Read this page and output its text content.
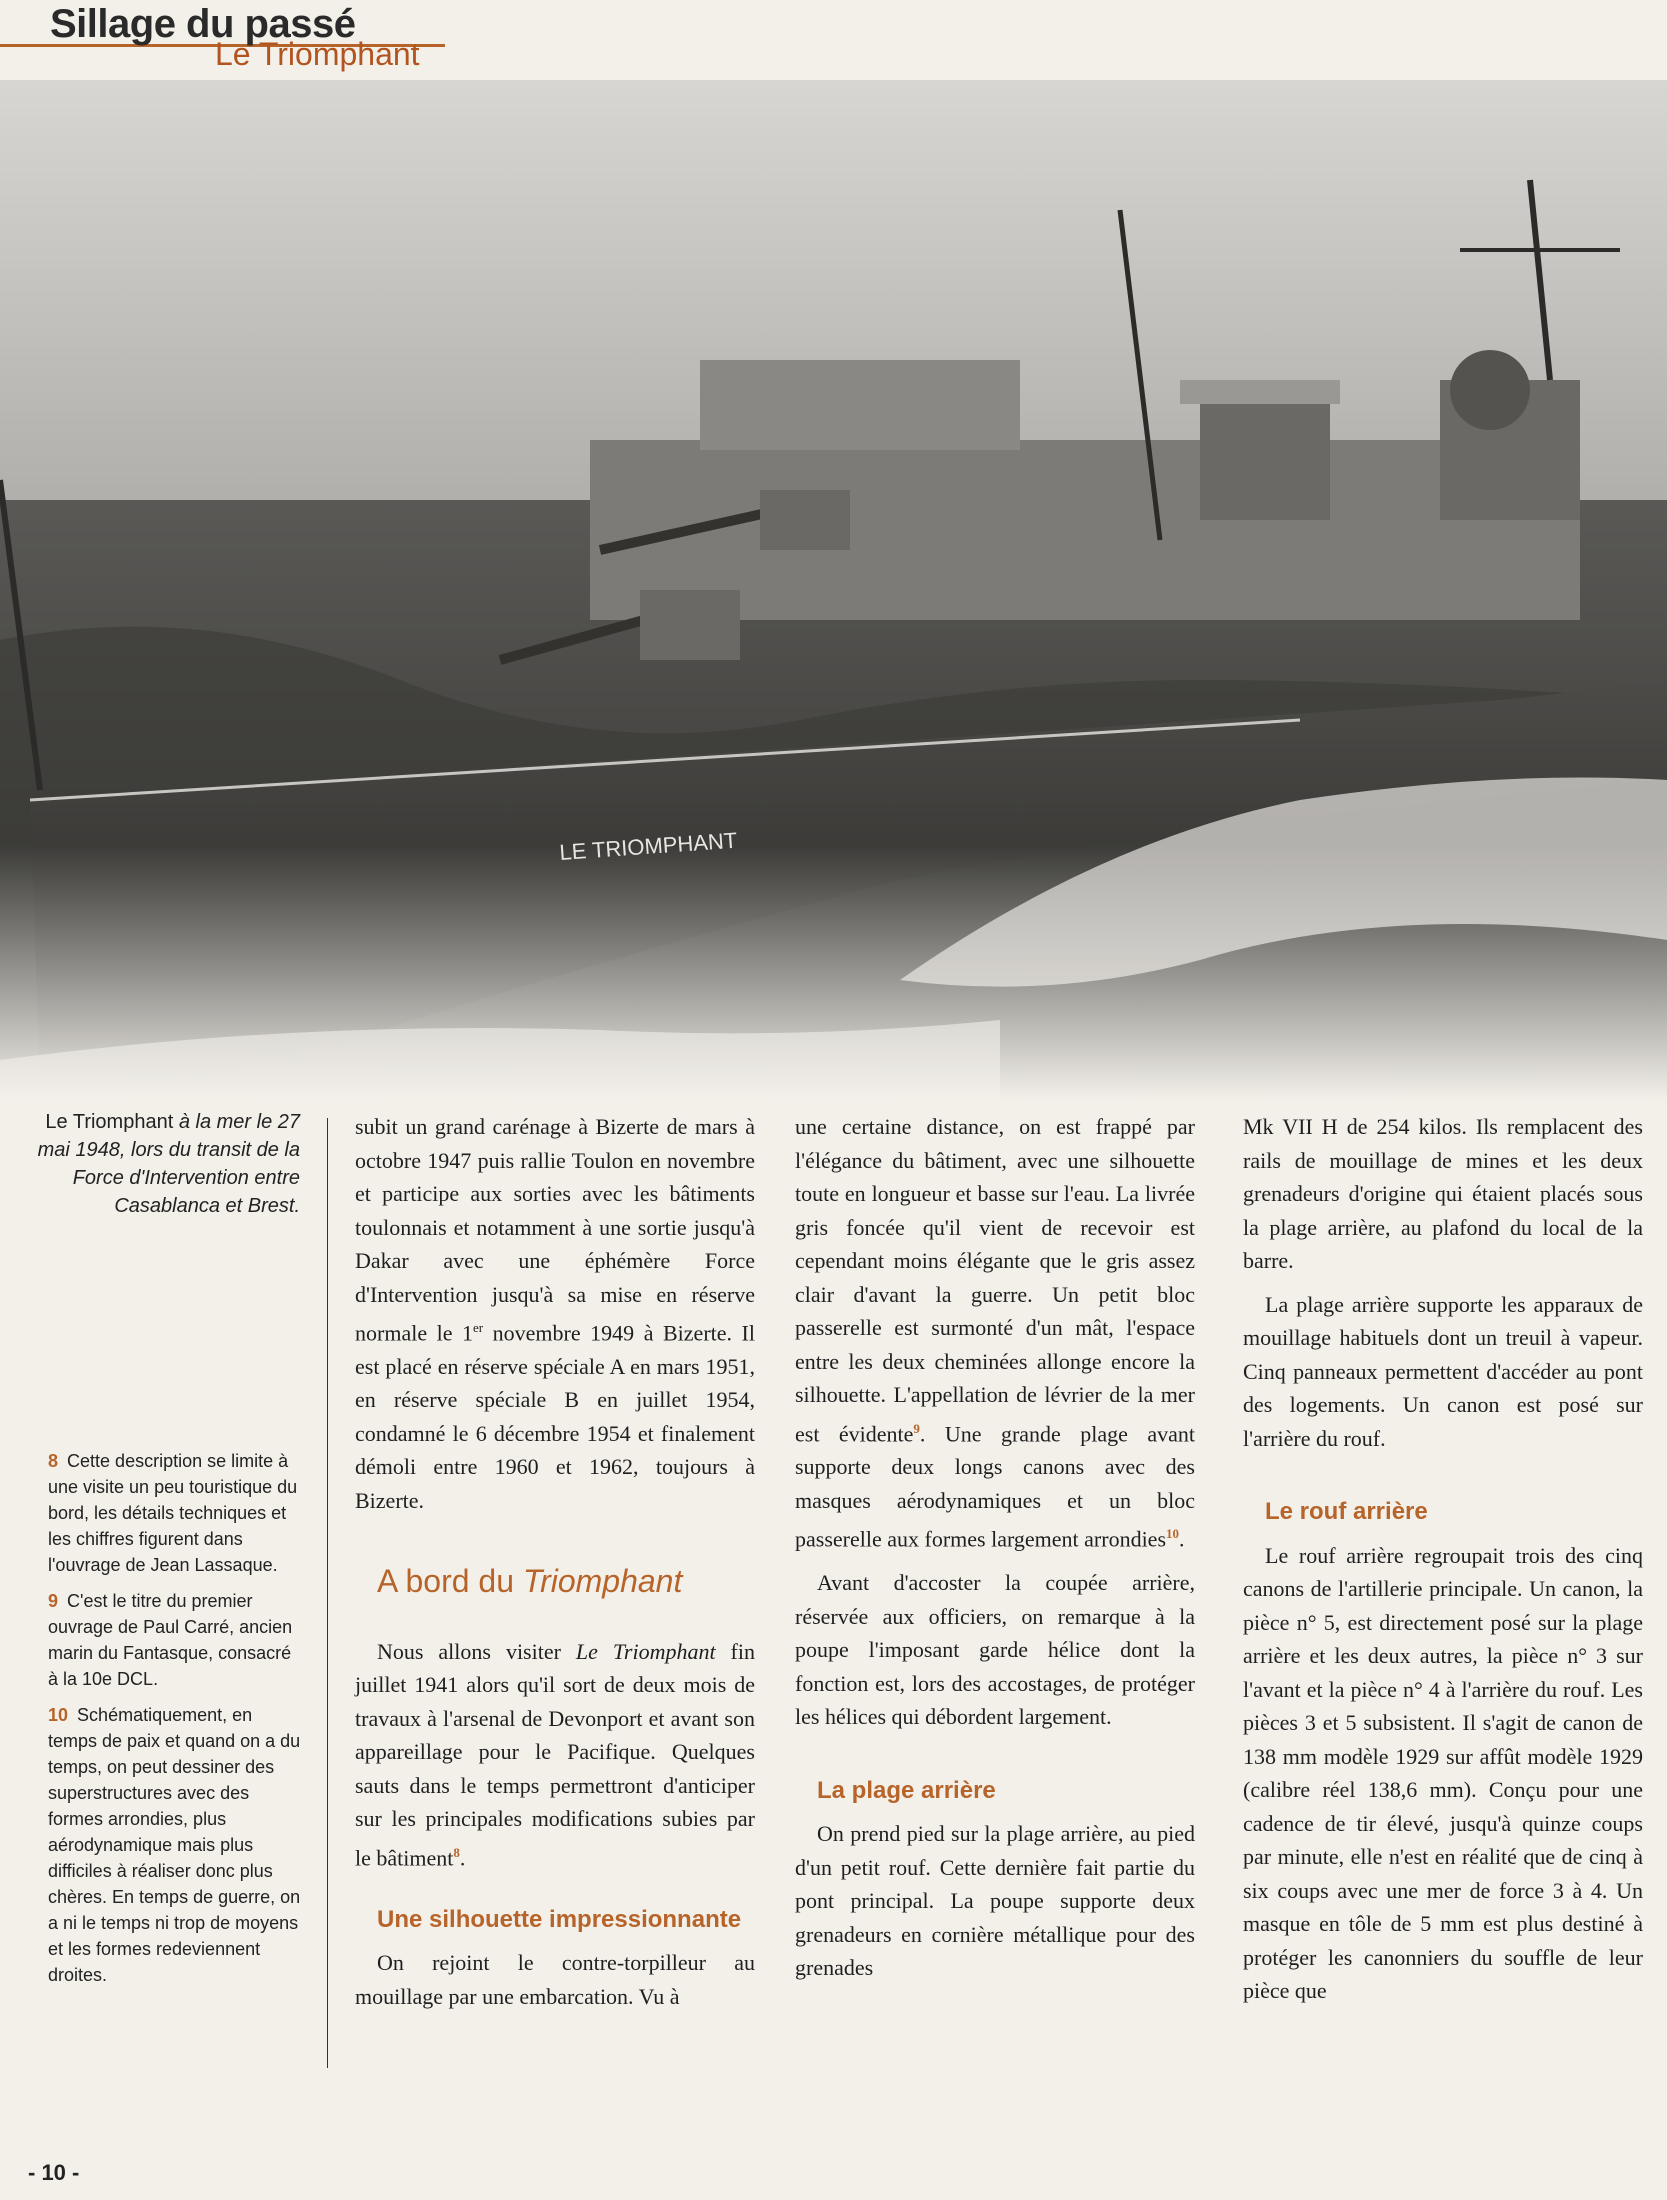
Sillage du passé
Le Triomphant
Le Triomphant à la mer le 27 mai 1948, lors du transit de la Force d'Intervention entre Casablanca et Brest.
8 Cette description se limite à une visite un peu touristique du bord, les détails techniques et les chiffres figurent dans l'ouvrage de Jean Lassaque.
9 C'est le titre du premier ouvrage de Paul Carré, ancien marin du Fantasque, consacré à la 10e DCL.
10 Schématiquement, en temps de paix et quand on a du temps, on peut dessiner des superstructures avec des formes arrondies, plus aérodynamique mais plus difficiles à réaliser donc plus chères. En temps de guerre, on a ni le temps ni trop de moyens et les formes redeviennent droites.

subit un grand carénage à Bizerte de mars à octobre 1947 puis rallie Toulon en novembre et participe aux sorties avec les bâtiments toulonnais et notamment à une sortie jusqu'à Dakar avec une éphémère Force d'Intervention jusqu'à sa mise en réserve normale le 1er novembre 1949 à Bizerte. Il est placé en réserve spéciale A en mars 1951, en réserve spéciale B en juillet 1954, condamné le 6 décembre 1954 et finalement démoli entre 1960 et 1962, toujours à Bizerte.

A bord du Triomphant

Nous allons visiter Le Triomphant fin juillet 1941 alors qu'il sort de deux mois de travaux à l'arsenal de Devonport et avant son appareillage pour le Pacifique. Quelques sauts dans le temps permettront d'anticiper sur les principales modifications subies par le bâtiment$^8$.

Une silhouette impressionnante

On rejoint le contre-torpilleur au mouillage par une embarcation. Vu à

une certaine distance, on est frappé par l'élégance du bâtiment, avec une silhouette toute en longueur et basse sur l'eau. La livrée gris foncée qu'il vient de recevoir est cependant moins élégante que le gris assez clair d'avant la guerre. Un petit bloc passerelle est surmonté d'un mât, l'espace entre les deux cheminées allonge encore la silhouette. L'appellation de lévrier de la mer est évidente$^9$. Une grande plage avant supporte deux longs canons avec des masques aérodynamiques et un bloc passerelle aux formes largement arrondies$^{10}$.

Avant d'accoster la coupée arrière, réservée aux officiers, on remarque à la poupe l'imposant garde hélice dont la fonction est, lors des accostages, de protéger les hélices qui débordent largement.

La plage arrière

On prend pied sur la plage arrière, au pied d'un petit rouf. Cette dernière fait partie du pont principal. La poupe supporte deux grenadeurs en cornière métallique pour des grenades

Mk VII H de 254 kilos. Ils remplacent des rails de mouillage de mines et les deux grenadeurs d'origine qui étaient placés sous la plage arrière, au plafond du local de la barre.

La plage arrière supporte les apparaux de mouillage habituels dont un treuil à vapeur. Cinq panneaux permettent d'accéder au pont des logements. Un canon est posé sur l'arrière du rouf.

Le rouf arrière

Le rouf arrière regroupait trois des cinq canons de l'artillerie principale. Un canon, la pièce n° 5, est directement posé sur la plage arrière et les deux autres, la pièce n° 3 sur l'avant et la pièce n° 4 à l'arrière du rouf. Les pièces 3 et 5 subsistent. Il s'agit de canon de 138 mm modèle 1929 sur affût modèle 1929 (calibre réel 138,6 mm). Conçu pour une cadence de tir élevé, jusqu'à quinze coups par minute, elle n'est en réalité que de cinq à six coups avec une mer de force 3 à 4. Un masque en tôle de 5 mm est plus destiné à protéger les canonniers du souffle de leur pièce que

- 10 -
